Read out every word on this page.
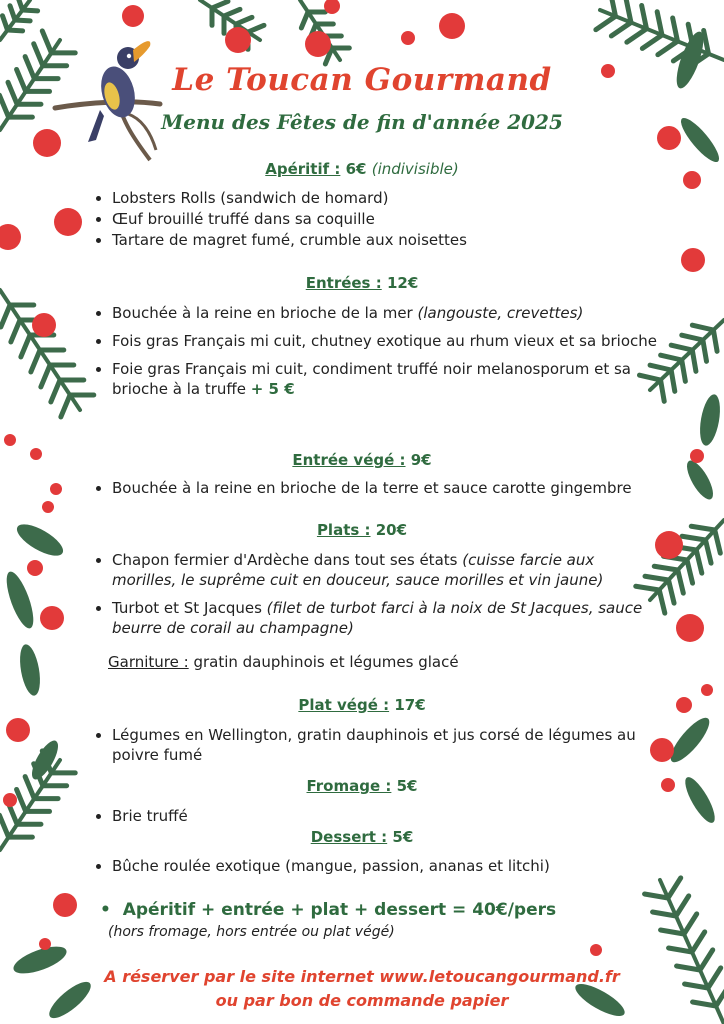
Le Toucan Gourmand
Menu des Fêtes de fin d'année 2025
Apéritif : 6€ (indivisible)
• Lobsters Rolls (sandwich de homard)
• Œuf brouillé truffé dans sa coquille
• Tartare de magret fumé, crumble aux noisettes
Entrées : 12€
• Bouchée à la reine en brioche de la mer (langouste, crevettes)
• Fois gras Français mi cuit, chutney exotique au rhum vieux et sa brioche
• Foie gras Français mi cuit, condiment truffé noir melanosporum et sa brioche à la truffe + 5 €
Entrée végé : 9€
• Bouchée à la reine en brioche de la terre et sauce carotte gingembre
Plats : 20€
• Chapon fermier d'Ardèche dans tout ses états (cuisse farcie aux morilles, le suprême cuit en douceur, sauce morilles et vin jaune)
• Turbot et St Jacques (filet de turbot farci à la noix de St Jacques, sauce beurre de corail au champagne)
Garniture : gratin dauphinois et légumes glacé
Plat végé : 17€
• Légumes en Wellington, gratin dauphinois et jus corsé de légumes au poivre fumé
Fromage : 5€
• Brie truffé
Dessert : 5€
• Bûche roulée exotique (mangue, passion, ananas et litchi)
•  Apéritif + entrée + plat + dessert = 40€/pers
(hors fromage, hors entrée ou plat végé)
A réserver par le site internet www.letoucangourmand.fr
ou par bon de commande papier
